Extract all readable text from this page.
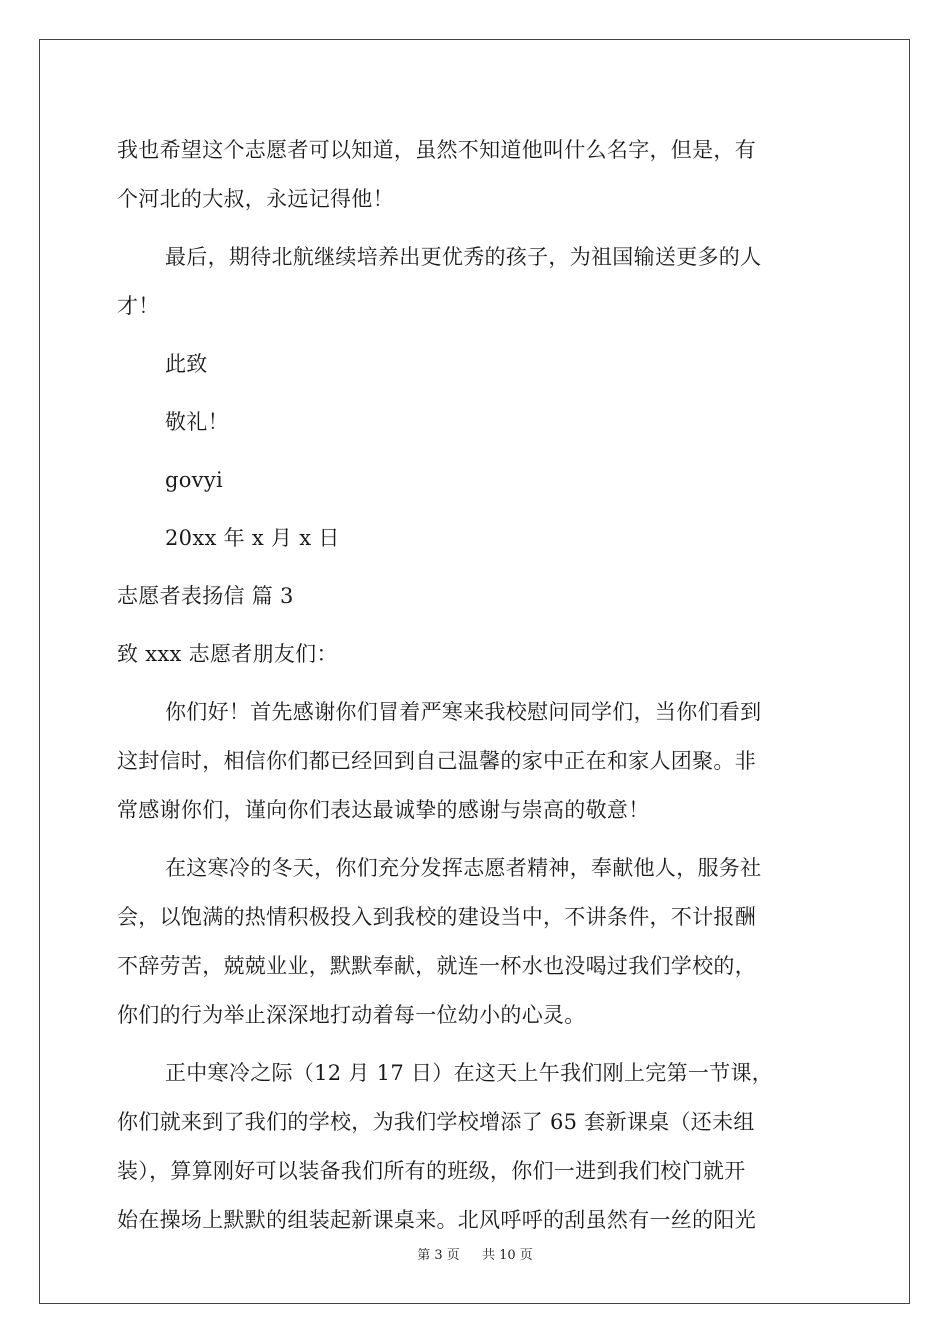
我也希望这个志愿者可以知道，虽然不知道他叫什么名字，但是，有
个河北的大叔，永远记得他！
最后，期待北航继续培养出更优秀的孩子，为祖国输送更多的人
才！
此致
敬礼！
govyi
20xx 年 x 月 x 日
志愿者表扬信 篇 3
致 xxx 志愿者朋友们：
你们好！首先感谢你们冒着严寒来我校慰问同学们，当你们看到
这封信时，相信你们都已经回到自己温馨的家中正在和家人团聚。非
常感谢你们，谨向你们表达最诚挚的感谢与崇高的敬意！
在这寒冷的冬天，你们充分发挥志愿者精神，奉献他人，服务社
会，以饱满的热情积极投入到我校的建设当中，不讲条件，不计报酬
不辞劳苦，兢兢业业，默默奉献，就连一杯水也没喝过我们学校的，
你们的行为举止深深地打动着每一位幼小的心灵。
正中寒冷之际（12 月 17 日）在这天上午我们刚上完第一节课，
你们就来到了我们的学校，为我们学校增添了 65 套新课桌（还未组
装），算算刚好可以装备我们所有的班级，你们一进到我们校门就开
始在操场上默默的组装起新课桌来。北风呼呼的刮虽然有一丝的阳光
第 3 页 共 10 页
